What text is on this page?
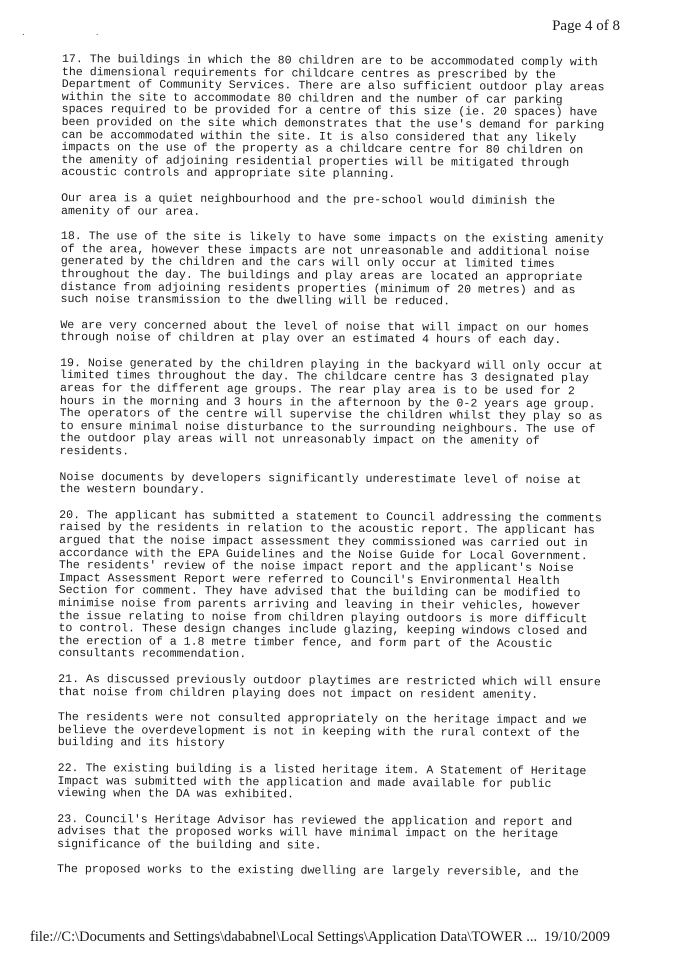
. .	Page 4 of 8

17. The buildings in which the 80 children are to be accommodated comply with the dimensional requirements for childcare centres as prescribed by the Department of Community Services. There are also sufficient outdoor play areas within the site to accommodate 80 children and the number of car parking spaces required to be provided for a centre of this size (ie. 20 spaces) have been provided on the site which demonstrates that the use's demand for parking can be accommodated within the site. It is also considered that any likely impacts on the use of the property as a childcare centre for 80 children on the amenity of adjoining residential properties will be mitigated through acoustic controls and appropriate site planning.

Our area is a quiet neighbourhood and the pre-school would diminish the amenity of our area.

18. The use of the site is likely to have some impacts on the existing amenity of the area, however these impacts are not unreasonable and additional noise generated by the children and the cars will only occur at limited times throughout the day. The buildings and play areas are located an appropriate distance from adjoining residents properties (minimum of 20 metres) and as such noise transmission to the dwelling will be reduced.

We are very concerned about the level of noise that will impact on our homes through noise of children at play over an estimated 4 hours of each day.

19. Noise generated by the children playing in the backyard will only occur at limited times throughout the day. The childcare centre has 3 designated play areas for the different age groups. The rear play area is to be used for 2 hours in the morning and 3 hours in the afternoon by the 0-2 years age group. The operators of the centre will supervise the children whilst they play so as to ensure minimal noise disturbance to the surrounding neighbours. The use of the outdoor play areas will not unreasonably impact on the amenity of residents.

Noise documents by developers significantly underestimate level of noise at the western boundary.

20. The applicant has submitted a statement to Council addressing the comments raised by the residents in relation to the acoustic report. The applicant has argued that the noise impact assessment they commissioned was carried out in accordance with the EPA Guidelines and the Noise Guide for Local Government. The residents' review of the noise impact report and the applicant's Noise Impact Assessment Report were referred to Council's Environmental Health Section for comment. They have advised that the building can be modified to minimise noise from parents arriving and leaving in their vehicles, however the issue relating to noise from children playing outdoors is more difficult to control. These design changes include glazing, keeping windows closed and the erection of a 1.8 metre timber fence, and form part of the Acoustic consultants recommendation.

21. As discussed previously outdoor playtimes are restricted which will ensure that noise from children playing does not impact on resident amenity.

The residents were not consulted appropriately on the heritage impact and we believe the overdevelopment is not in keeping with the rural context of the building and its history

22. The existing building is a listed heritage item. A Statement of Heritage Impact was submitted with the application and made available for public viewing when the DA was exhibited.

23. Council's Heritage Advisor has reviewed the application and report and advises that the proposed works will have minimal impact on the heritage significance of the building and site.

The proposed works to the existing dwelling are largely reversible, and the

file://C:\Documents and Settings\dababnel\Local Settings\Application Data\TOWER ... 19/10/2009
